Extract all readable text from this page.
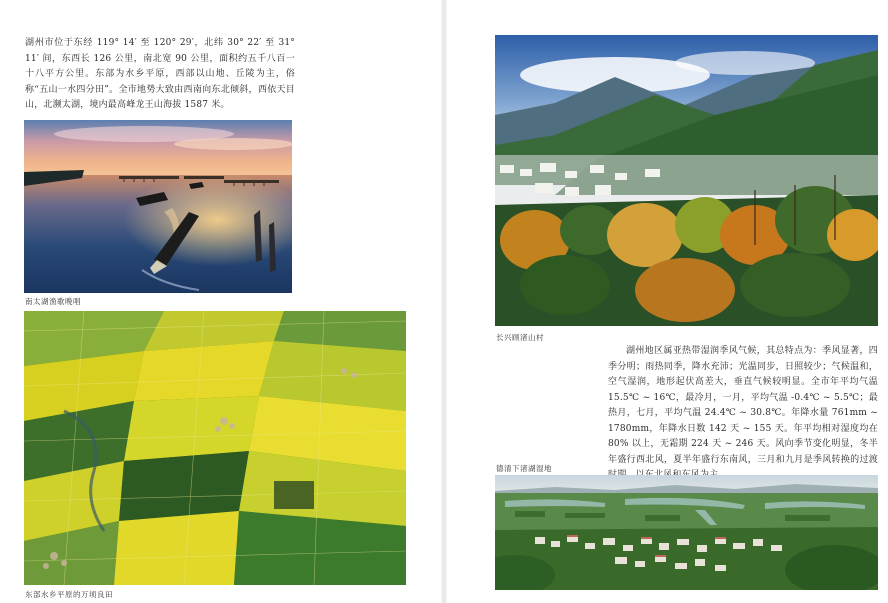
湖州市位于东经 119° 14′ 至 120° 29′，北纬 30° 22′ 至 31° 11′ 间，东西长 126 公里，南北宽 90 公里，面积约五千八百一十八平方公里。东部为水乡平原，西部以山地、丘陵为主，俗称“五山一水四分田”。全市地势大致由西南向东北倾斜，西依天目山，北濒太湖，境内最高峰龙王山海拔 1587 米。

南太湖渔歌晚唱
东部水乡平原的万顷良田
长兴顾渚山村

湖州地区属亚热带湿润季风气候，其总特点为：季风显著，四季分明；雨热同季，降水充沛；光温同步，日照较少；气候温和，空气湿润，地形起伏高差大，垂直气候较明显。全市年平均气温 15.5℃ ~ 16℃，最冷月，一月，平均气温 -0.4℃ ~ 5.5℃；最热月，七月，平均气温 24.4℃ ~ 30.8℃。年降水量 761mm ~ 1780mm，年降水日数 142 天 ~ 155 天。年平均相对湿度均在 80% 以上，无霜期 224 天 ~ 246 天。风向季节变化明显，冬半年盛行西北风，夏半年盛行东南风，三月和九月是季风转换的过渡

德清下渚湖湿地
